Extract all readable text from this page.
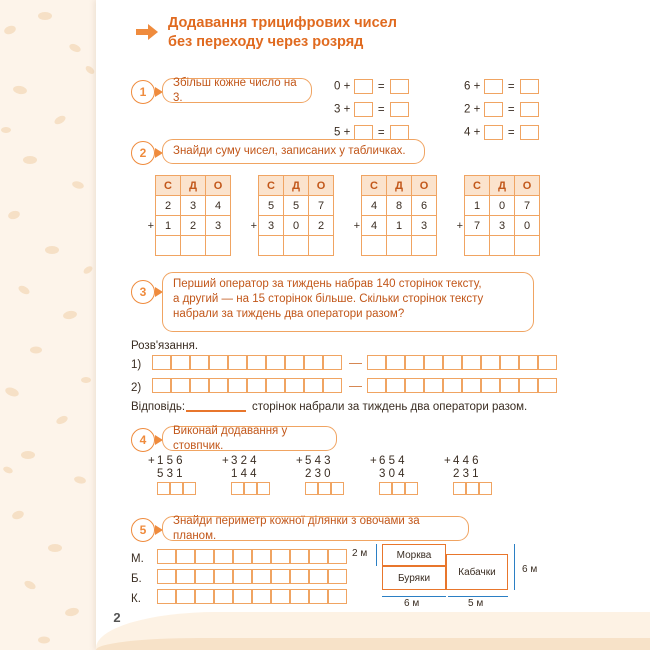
Додавання трицифрових чисел
без переходу через розряд
1
Збільш кожне число на 3.
0 + =
3 + =
5 + =
6 + =
2 + =
4 + =
2	Знайди суму чисел, записаних у табличках.
	С	Д	О
	2	3	4
+	1	2	3

	С	Д	О
	5	5	7
+	3	0	2

	С	Д	О
	4	8	6
+	4	1	3

	С	Д	О
	1	0	7
+	7	3	0

3
Перший оператор за тиждень набрав 140 сторінок тексту,
а другий — на 15 сторінок більше. Скільки сторінок тексту
набрали за тиждень два оператори разом?
Розв'язання.
1)	—
2)	—
Відповідь:	сторінок набрали за тиждень два оператори разом.
4
Виконай додавання у стовпчик.
+ 1 5 6
5 3 1
+ 3 2 4
1 4 4
+ 5 4 3
2 3 0
+ 6 5 4
3 0 4
+ 4 4 6
2 3 1
5
Знайди периметр кожної ділянки з овочами за планом.
М.
Б.
К.
Морква
Буряки
Кабачки
2 м
6 м
6 м	5 м
2
